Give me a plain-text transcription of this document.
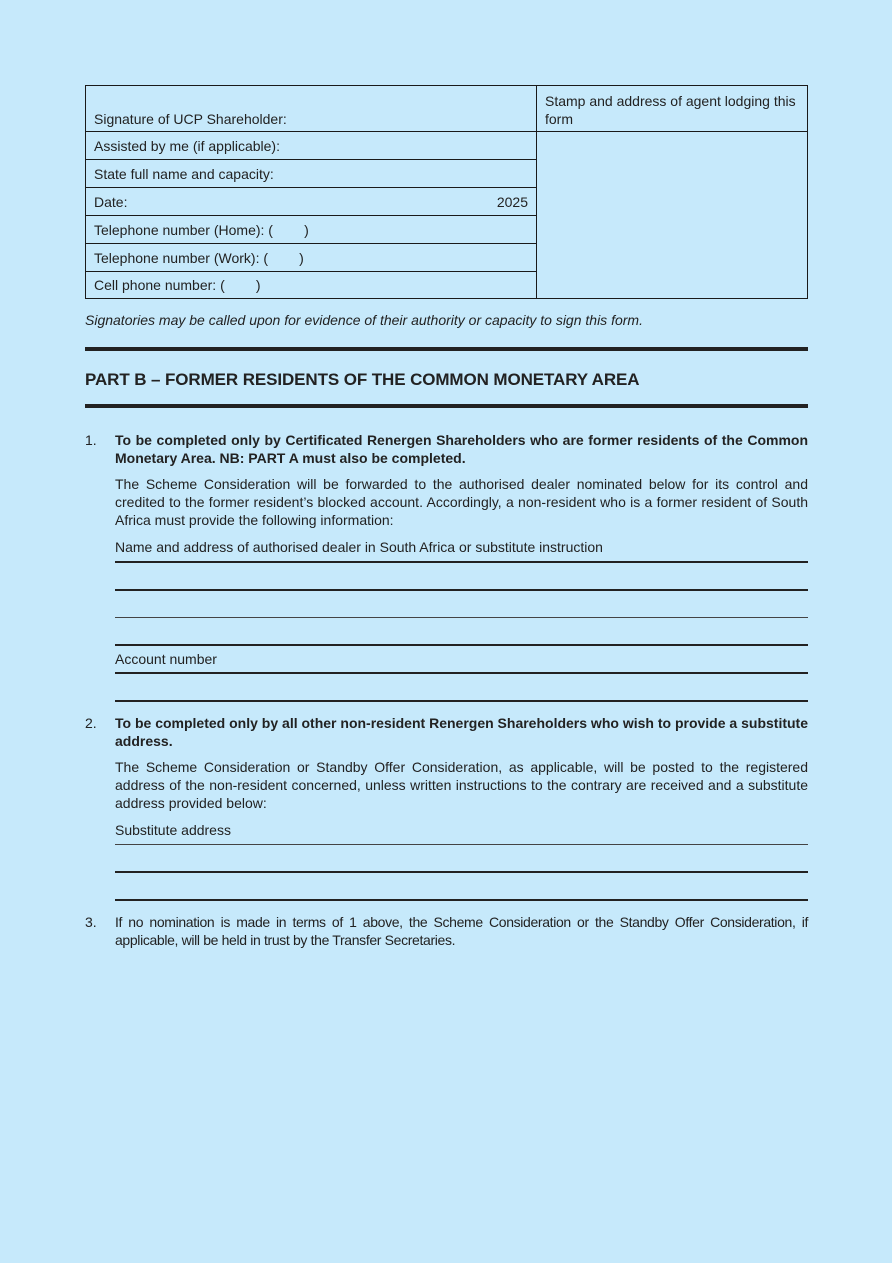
Signature of UCP Shareholder:
Assisted by me (if applicable):
State full name and capacity:
Date:	2025
Telephone number (Home): (        )
Telephone number (Work): (        )
Cell phone number: (        )
Stamp and address of agent lodging this form
Signatories may be called upon for evidence of their authority or capacity to sign this form.
PART B – FORMER RESIDENTS OF THE COMMON MONETARY AREA
1. To be completed only by Certificated Renergen Shareholders who are former residents of the Common Monetary Area. NB: PART A must also be completed.
The Scheme Consideration will be forwarded to the authorised dealer nominated below for its control and credited to the former resident’s blocked account. Accordingly, a non-resident who is a former resident of South Africa must provide the following information:
Name and address of authorised dealer in South Africa or substitute instruction
Account number
2. To be completed only by all other non-resident Renergen Shareholders who wish to provide a substitute address.
The Scheme Consideration or Standby Offer Consideration, as applicable, will be posted to the registered address of the non-resident concerned, unless written instructions to the contrary are received and a substitute address provided below:
Substitute address
3. If no nomination is made in terms of 1 above, the Scheme Consideration or the Standby Offer Consideration, if applicable, will be held in trust by the Transfer Secretaries.
